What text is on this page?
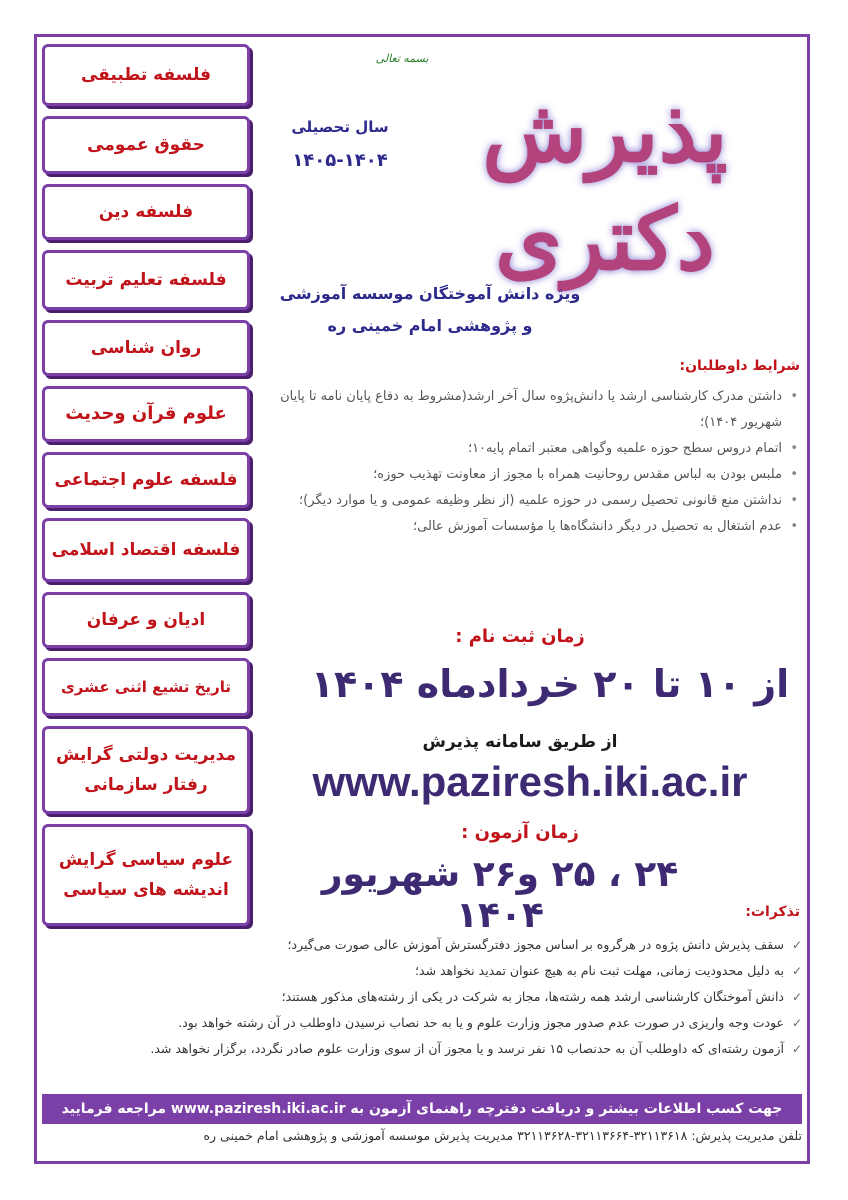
فلسفه تطبیقی
حقوق عمومی
فلسفه دین
فلسفه تعلیم تربیت
روان شناسی
علوم قرآن وحدیث
فلسفه علوم اجتماعی
فلسفه اقتصاد اسلامی
ادیان و عرفان
تاریخ تشیع اثنی عشری
مدیریت دولتی گرایش رفتار سازمانی
علوم سیاسی گرایش اندیشه های سیاسی
بسمه تعالی
سال تحصیلی
۱۴۰۵-۱۴۰۴	پذیرش دکتری
ویژه دانش آموختگان موسسه آموزشی
و پژوهشی امام خمینی ره
شرایط داوطلبان:
• داشتن مدرک کارشناسی ارشد یا دانش‌پژوه سال آخر ارشد(مشروط به دفاع پایان نامه تا پایان شهریور ۱۴۰۴)؛
• اتمام دروس سطح حوزه علمیه وگواهی معتبر اتمام پایه۱۰؛
• ملبس بودن به لباس مقدس روحانیت همراه با مجوز از معاونت تهذیب حوزه؛
• نداشتن منع قانونی تحصیل رسمی در حوزه علمیه (از نظر وظیفه عمومی و یا موارد دیگر)؛
• عدم اشتغال به تحصیل در دیگر دانشگاه‌ها یا مؤسسات آموزش عالی؛
زمان ثبت نام :
از ۱۰ تا ۲۰ خردادماه ۱۴۰۴
از طریق سامانه پذیرش
www.paziresh.iki.ac.ir
زمان آزمون :
۲۴ ، ۲۵ و۲۶ شهریور ۱۴۰۴	تذکرات:
✓ سقف پذیرش دانش پژوه در هرگروه بر اساس مجوز دفترگسترش آموزش عالی صورت می‌گیرد؛
✓ به دلیل محدودیت زمانی، مهلت ثبت نام به هیچ عنوان تمدید نخواهد شد؛
✓ دانش آموختگان کارشناسی ارشد همه رشته‌ها، مجاز به شرکت در یکی از رشته‌های مذکور هستند؛
✓ عودت وجه واریزی در صورت عدم صدور مجوز وزارت علوم و یا به حد نصاب نرسیدن داوطلب در آن رشته خواهد بود.
✓ آزمون رشته‌ای که داوطلب آن به حدنصاب ۱۵ نفر نرسد و یا مجوز آن از سوی وزارت علوم صادر نگردد، برگزار نخواهد شد.
جهت کسب اطلاعات بیشتر و دریافت دفترچه راهنمای آزمون به www.paziresh.iki.ac.ir مراجعه فرمایید
تلفن مدیریت پذیرش: ۳۲۱۱۳۶۱۸-۳۲۱۱۳۶۶۴-۳۲۱۱۳۶۲۸ مدیریت پذیرش موسسه آموزشی و پژوهشی امام خمینی ره
